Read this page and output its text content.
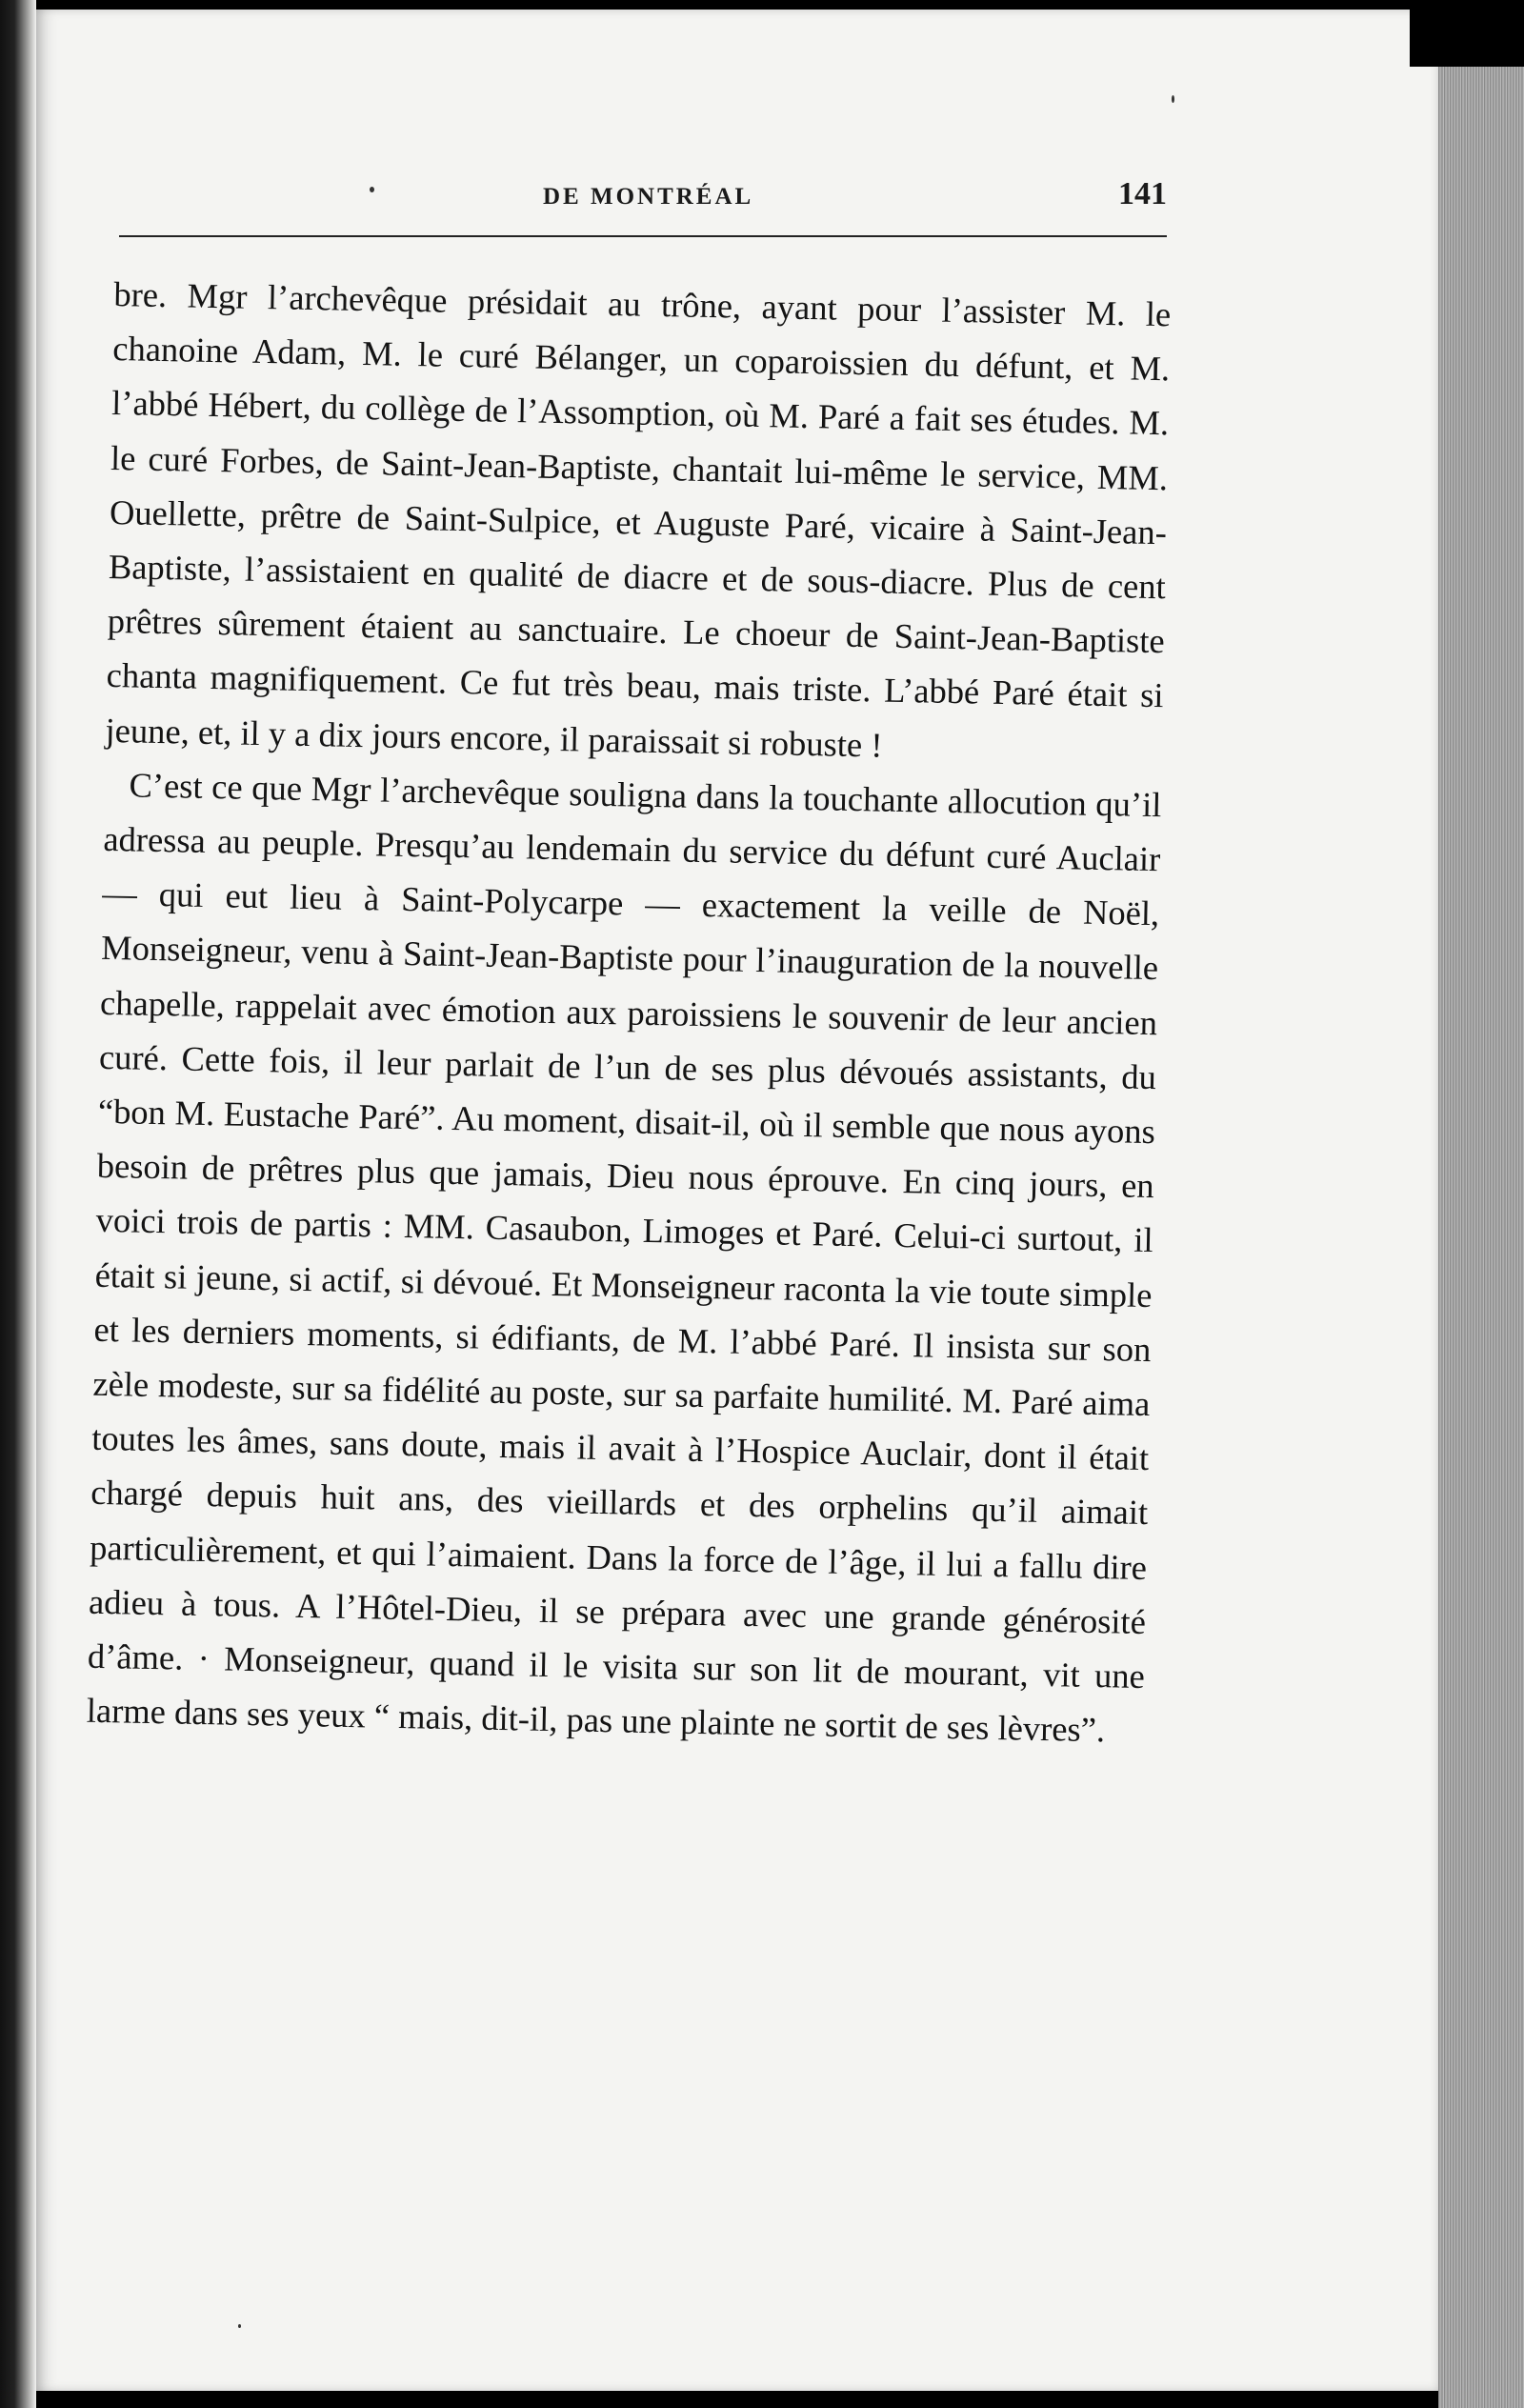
DE MONTRÉAL	141

bre. Mgr l’archevêque présidait au trône, ayant pour l’assister M. le chanoine Adam, M. le curé Bélanger, un coparoissien du défunt, et M. l’abbé Hébert, du collège de l’Assomption, où M. Paré a fait ses études. M. le curé Forbes, de Saint-Jean-Baptiste, chantait lui-même le service, MM. Ouellette, prêtre de Saint-Sulpice, et Auguste Paré, vicaire à Saint-Jean-Baptiste, l’assistaient en qualité de diacre et de sous-diacre. Plus de cent prêtres sûrement étaient au sanctuaire. Le choeur de Saint-Jean-Baptiste chanta magnifiquement. Ce fut très beau, mais triste. L’abbé Paré était si jeune, et, il y a dix jours encore, il paraissait si robuste !

C’est ce que Mgr l’archevêque souligna dans la touchante allocution qu’il adressa au peuple. Presqu’au lendemain du service du défunt curé Auclair — qui eut lieu à Saint-Polycarpe — exactement la veille de Noël, Monseigneur, venu à Saint-Jean-Baptiste pour l’inauguration de la nouvelle chapelle, rappelait avec émotion aux paroissiens le souvenir de leur ancien curé. Cette fois, il leur parlait de l’un de ses plus dévoués assistants, du “bon M. Eustache Paré”. Au moment, disait-il, où il semble que nous ayons besoin de prêtres plus que jamais, Dieu nous éprouve. En cinq jours, en voici trois de partis : MM. Casaubon, Limoges et Paré. Celui-ci surtout, il était si jeune, si actif, si dévoué. Et Monseigneur raconta la vie toute simple et les derniers moments, si édifiants, de M. l’abbé Paré. Il insista sur son zèle modeste, sur sa fidélité au poste, sur sa parfaite humilité. M. Paré aima toutes les âmes, sans doute, mais il avait à l’Hospice Auclair, dont il était chargé depuis huit ans, des vieillards et des orphelins qu’il aimait particulièrement, et qui l’aimaient. Dans la force de l’âge, il lui a fallu dire adieu à tous. A l’Hôtel-Dieu, il se prépara avec une grande générosité d’âme. · Monseigneur, quand il le visita sur son lit de mourant, vit une larme dans ses yeux “ mais, dit-il, pas une plainte ne sortit de ses lèvres”.
